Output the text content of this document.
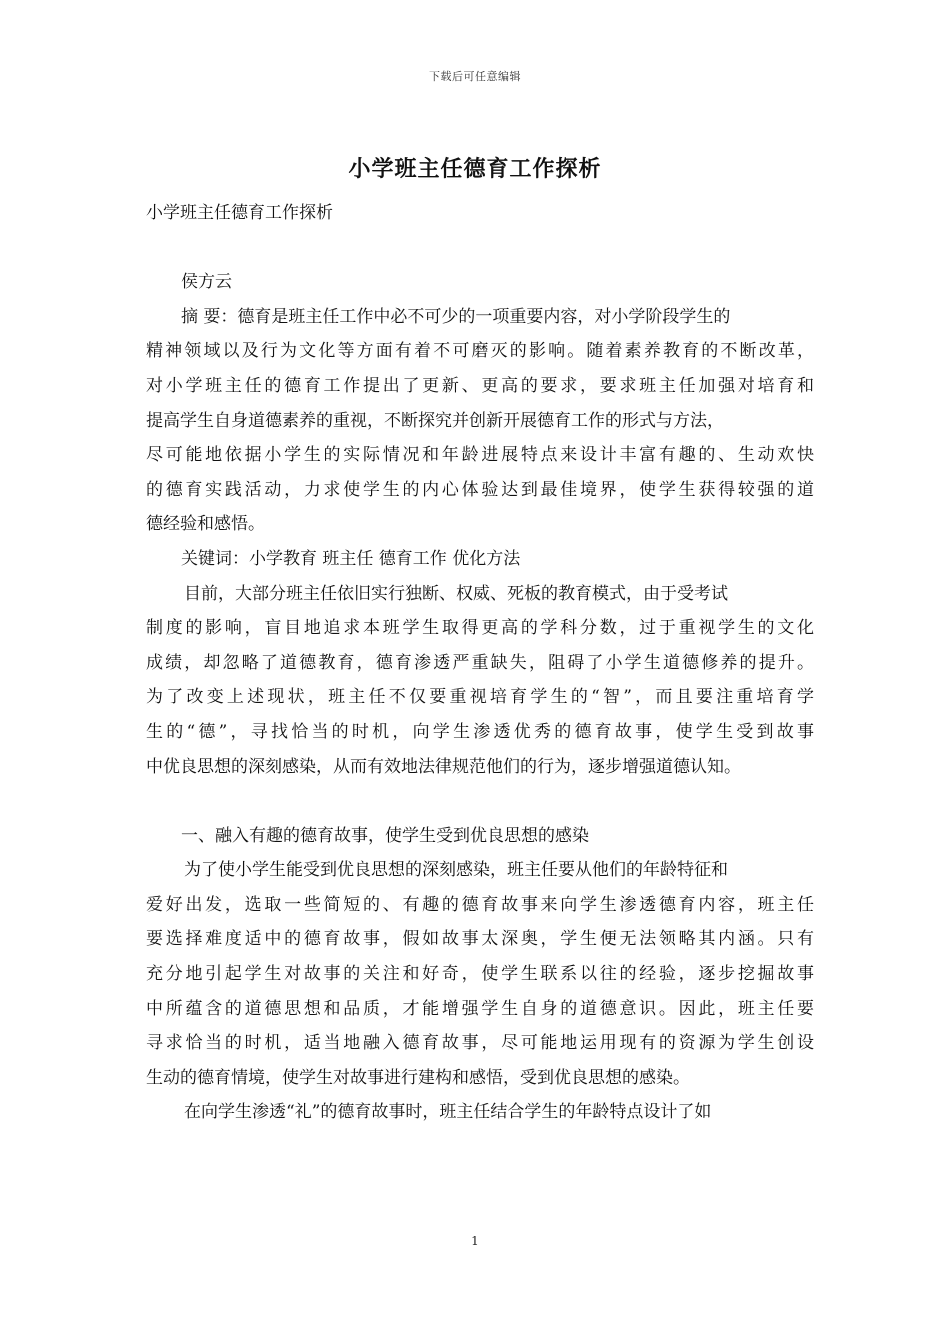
下载后可任意编辑
小学班主任德育工作探析
小学班主任德育工作探析
侯方云
摘 要：德育是班主任工作中必不可少的一项重要内容，对小学阶段学生的
精神领域以及行为文化等方面有着不可磨灭的影响。随着素养教育的不断改革，
对小学班主任的德育工作提出了更新、更高的要求，要求班主任加强对培育和
提高学生自身道德素养的重视，不断探究并创新开展德育工作的形式与方法，
尽可能地依据小学生的实际情况和年龄进展特点来设计丰富有趣的、生动欢快
的德育实践活动，力求使学生的内心体验达到最佳境界，使学生获得较强的道
德经验和感悟。
关键词：小学教育 班主任 德育工作 优化方法
目前，大部分班主任依旧实行独断、权威、死板的教育模式，由于受考试
制度的影响，盲目地追求本班学生取得更高的学科分数，过于重视学生的文化
成绩，却忽略了道德教育，德育渗透严重缺失，阻碍了小学生道德修养的提升。
为了改变上述现状，班主任不仅要重视培育学生的“智”，而且要注重培育学
生的“德”，寻找恰当的时机，向学生渗透优秀的德育故事，使学生受到故事
中优良思想的深刻感染，从而有效地法律规范他们的行为，逐步增强道德认知。
一、融入有趣的德育故事，使学生受到优良思想的感染
为了使小学生能受到优良思想的深刻感染，班主任要从他们的年龄特征和
爱好出发，选取一些简短的、有趣的德育故事来向学生渗透德育内容，班主任
要选择难度适中的德育故事，假如故事太深奥，学生便无法领略其内涵。只有
充分地引起学生对故事的关注和好奇，使学生联系以往的经验，逐步挖掘故事
中所蕴含的道德思想和品质，才能增强学生自身的道德意识。因此，班主任要
寻求恰当的时机，适当地融入德育故事，尽可能地运用现有的资源为学生创设
生动的德育情境，使学生对故事进行建构和感悟，受到优良思想的感染。
在向学生渗透“礼”的德育故事时，班主任结合学生的年龄特点设计了如
1
